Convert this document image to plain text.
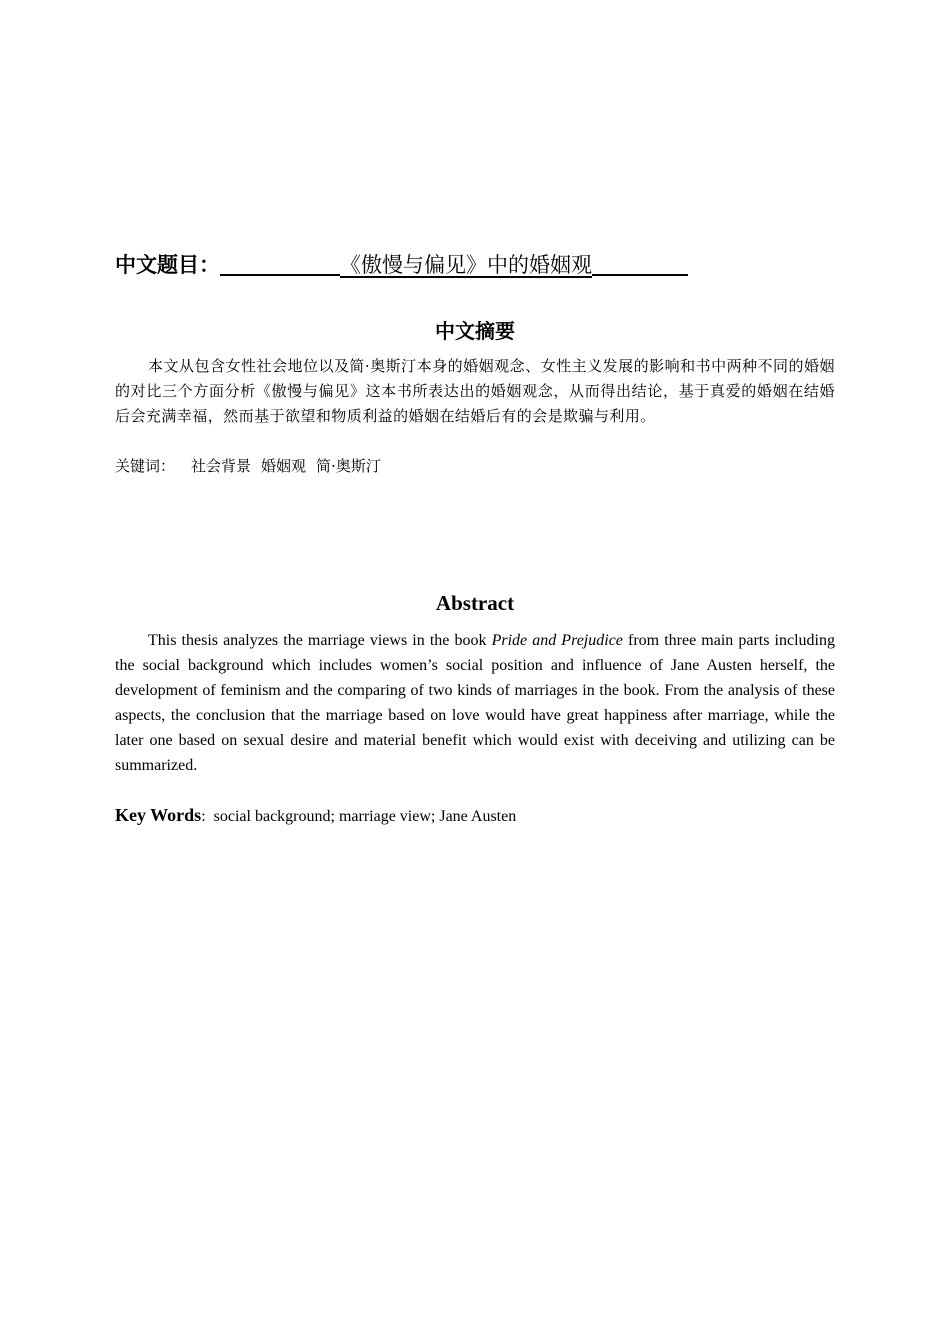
中文题目：	《傲慢与偏见》中的婚姻观
中文摘要
本文从包含女性社会地位以及简·奥斯汀本身的婚姻观念、女性主义发展的影响和书中两种不同的婚姻的对比三个方面分析《傲慢与偏见》这本书所表达出的婚姻观念，从而得出结论，基于真爱的婚姻在结婚后会充满幸福，然而基于欲望和物质利益的婚姻在结婚后有的会是欺骗与利用。
关键词： 社会背景 婚姻观 简·奥斯汀
Abstract
This thesis analyzes the marriage views in the book Pride and Prejudice from three main parts including the social background which includes women’s social position and influence of Jane Austen herself, the development of feminism and the comparing of two kinds of marriages in the book. From the analysis of these aspects, the conclusion that the marriage based on love would have great happiness after marriage, while the later one based on sexual desire and material benefit which would exist with deceiving and utilizing can be summarized.
Key Words: social background; marriage view; Jane Austen
